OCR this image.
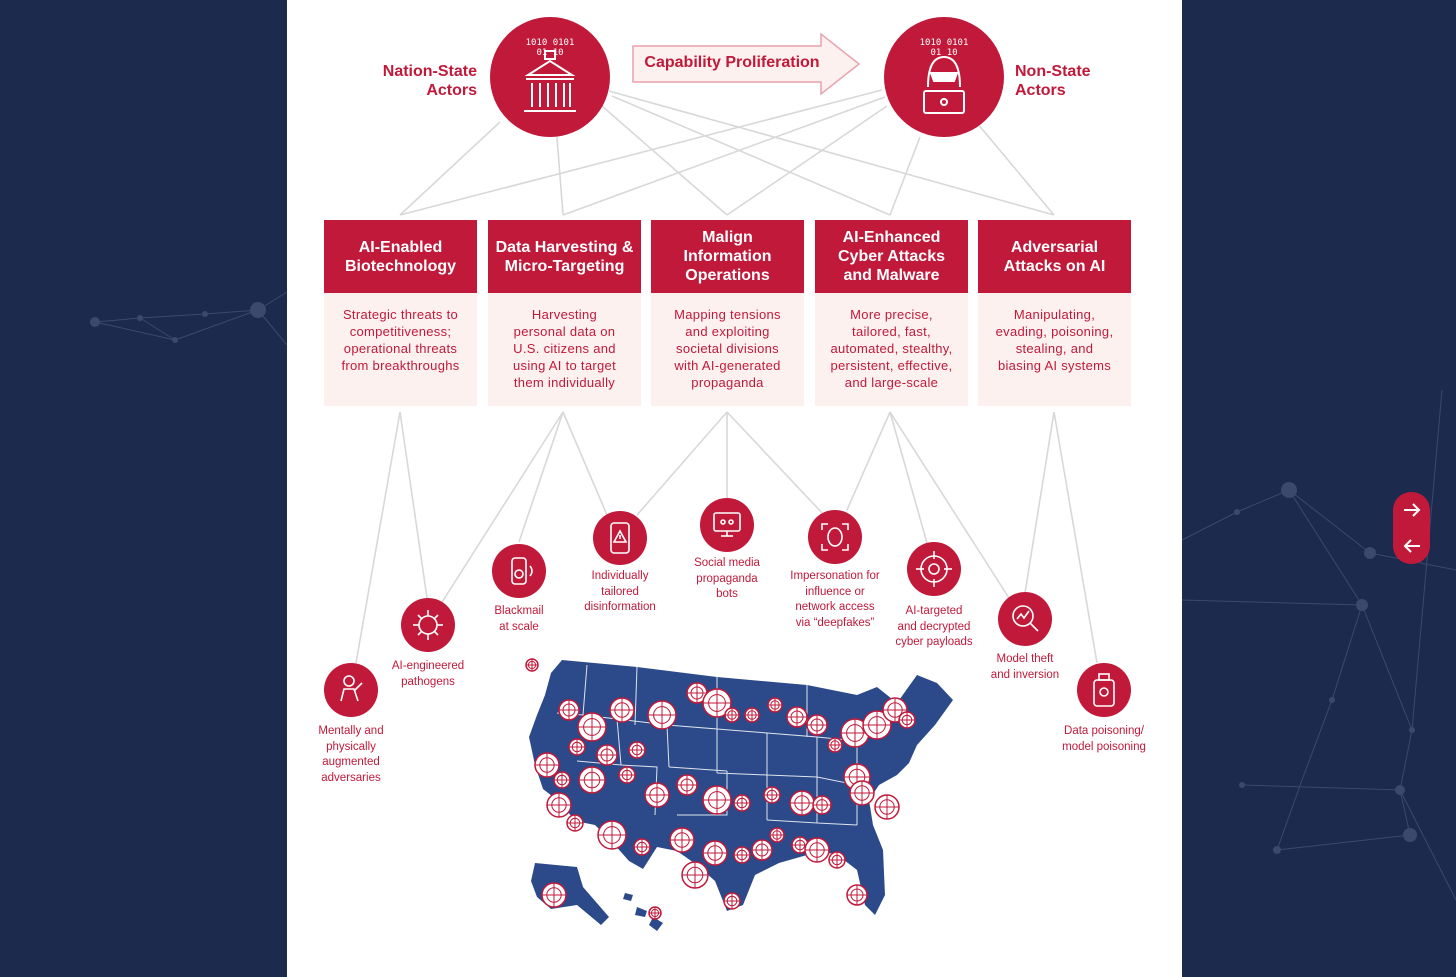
1010 0101
01 10
Nation-State
Actors
Capability Proliferation
1010 0101
01 10
Non-State
Actors
AI-Enabled
Biotechnology
Strategic threats to
competitiveness;
operational threats
from breakthroughs
Data Harvesting &
Micro-Targeting
Harvesting
personal data on
U.S. citizens and
using AI to target
them individually
Malign
Information
Operations
Mapping tensions
and exploiting
societal divisions
with AI-generated
propaganda
AI-Enhanced
Cyber Attacks
and Malware
More precise,
tailored, fast,
automated, stealthy,
persistent, effective,
and large-scale
Adversarial
Attacks on AI
Manipulating,
evading, poisoning,
stealing, and
biasing AI systems
Mentally and
physically
augmented
adversaries
AI-engineered
pathogens
Blackmail
at scale
Individually
tailored
disinformation
Social media
propaganda
bots
Impersonation for
influence or
network access
via “deepfakes”
AI-targeted
and decrypted
cyber payloads
Model theft
and inversion
Data poisoning/
model poisoning
